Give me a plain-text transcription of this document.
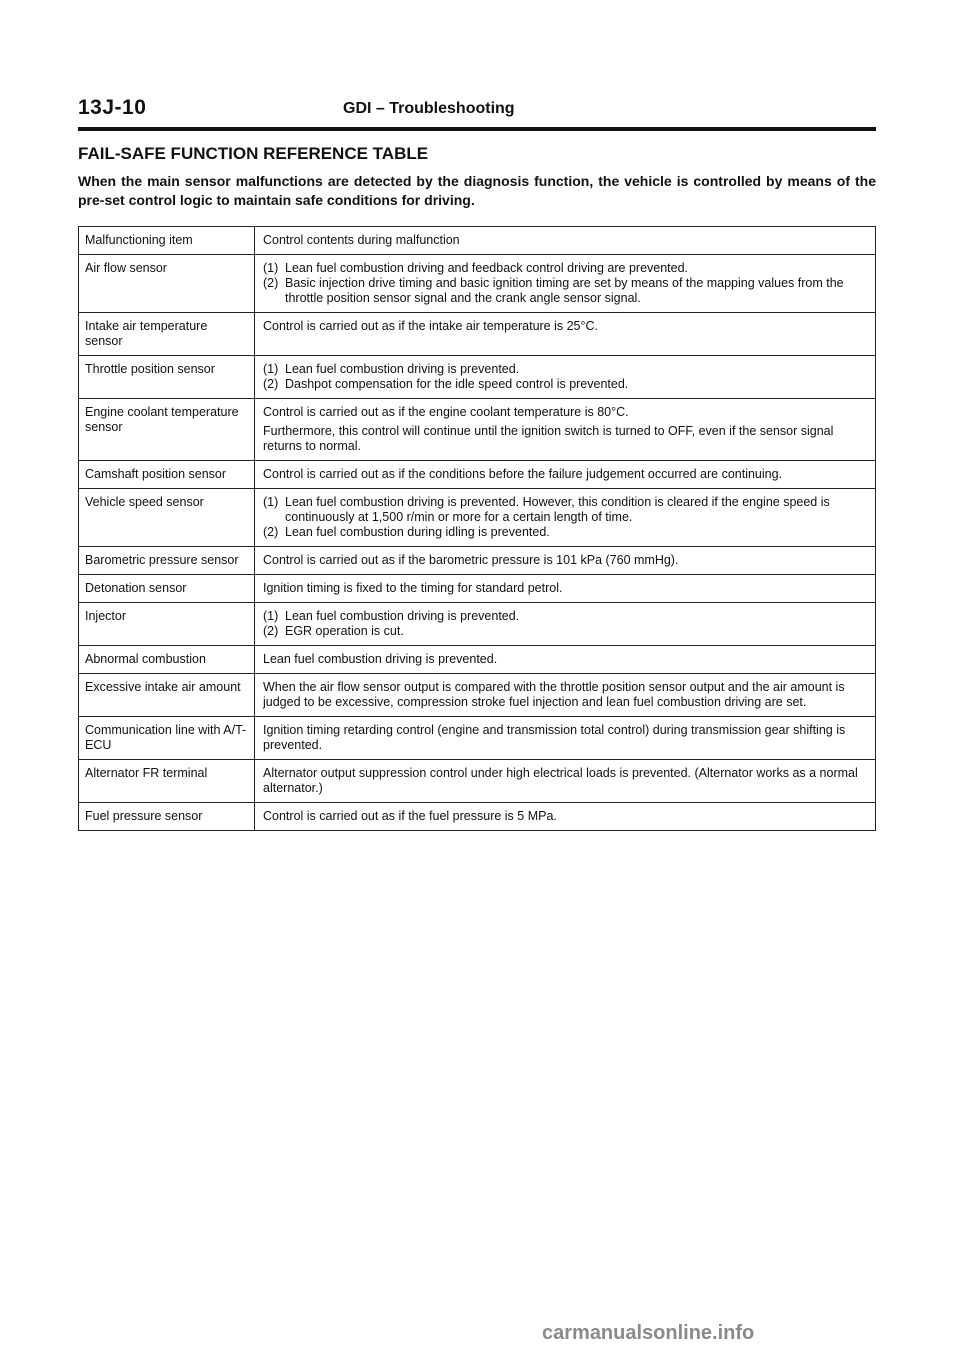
13J-10	GDI – Troubleshooting
FAIL-SAFE FUNCTION REFERENCE TABLE
When the main sensor malfunctions are detected by the diagnosis function, the vehicle is controlled by means of the pre-set control logic to maintain safe conditions for driving.
Malfunctioning item	Control contents during malfunction
Air flow sensor	(1) Lean fuel combustion driving and feedback control driving are prevented.
(2) Basic injection drive timing and basic ignition timing are set by means of the mapping values from the throttle position sensor signal and the crank angle sensor signal.

Intake air temperature sensor	Control is carried out as if the intake air temperature is 25°C.

Throttle position sensor	(1) Lean fuel combustion driving is prevented.
(2) Dashpot compensation for the idle speed control is prevented.

Engine coolant temperature sensor	Control is carried out as if the engine coolant temperature is 80°C.
Furthermore, this control will continue until the ignition switch is turned to OFF, even if the sensor signal returns to normal.

Camshaft position sensor	Control is carried out as if the conditions before the failure judgement occurred are continuing.

Vehicle speed sensor	(1) Lean fuel combustion driving is prevented. However, this condition is cleared if the engine speed is continuously at 1,500 r/min or more for a certain length of time.
(2) Lean fuel combustion during idling is prevented.

Barometric pressure sensor	Control is carried out as if the barometric pressure is 101 kPa (760 mmHg).

Detonation sensor	Ignition timing is fixed to the timing for standard petrol.

Injector	(1) Lean fuel combustion driving is prevented.
(2) EGR operation is cut.

Abnormal combustion	Lean fuel combustion driving is prevented.

Excessive intake air amount	When the air flow sensor output is compared with the throttle position sensor output and the air amount is judged to be excessive, compression stroke fuel injection and lean fuel combustion driving are set.

Communication line with A/T-ECU	Ignition timing retarding control (engine and transmission total control) during transmission gear shifting is prevented.

Alternator FR terminal	Alternator output suppression control under high electrical loads is prevented. (Alternator works as a normal alternator.)

Fuel pressure sensor	Control is carried out as if the fuel pressure is 5 MPa.
carmanualsonline.info
